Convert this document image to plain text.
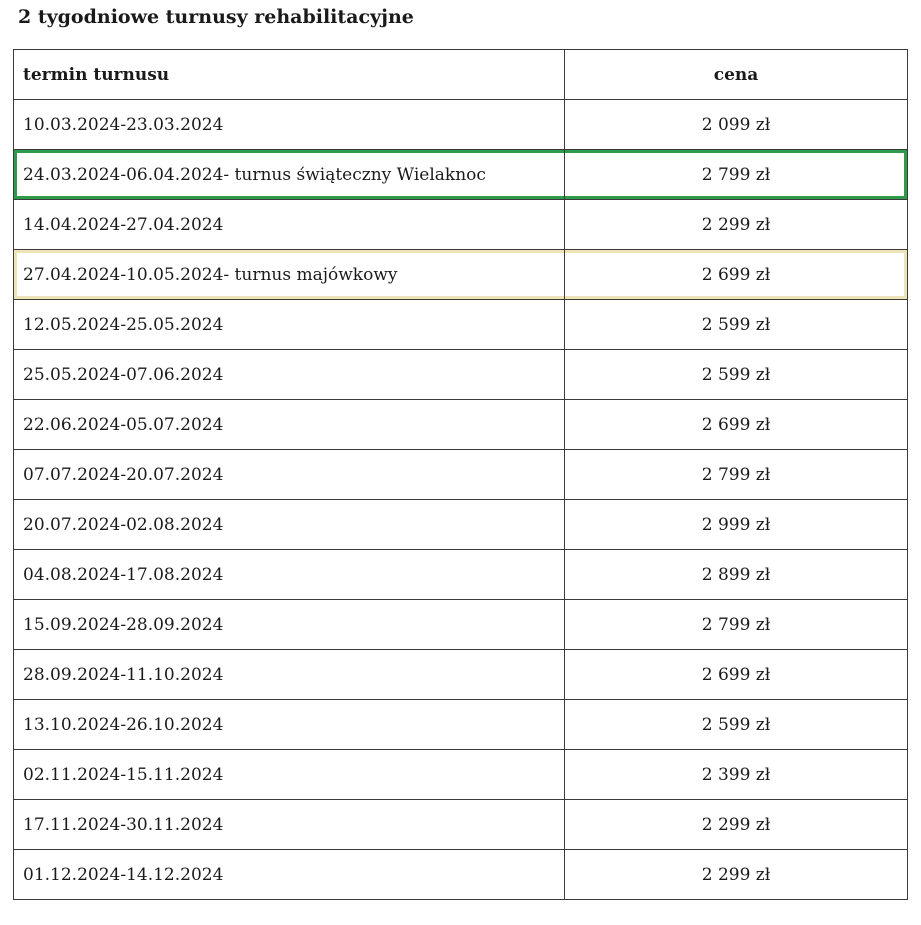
2 tygodniowe turnusy rehabilitacyjne
termin turnusu	cena
10.03.2024-23.03.2024	2 099 zł
24.03.2024-06.04.2024- turnus świąteczny Wielaknoc	2 799 zł
14.04.2024-27.04.2024	2 299 zł
27.04.2024-10.05.2024- turnus majówkowy	2 699 zł
12.05.2024-25.05.2024	2 599 zł
25.05.2024-07.06.2024	2 599 zł
22.06.2024-05.07.2024	2 699 zł
07.07.2024-20.07.2024	2 799 zł
20.07.2024-02.08.2024	2 999 zł
04.08.2024-17.08.2024	2 899 zł
15.09.2024-28.09.2024	2 799 zł
28.09.2024-11.10.2024	2 699 zł
13.10.2024-26.10.2024	2 599 zł
02.11.2024-15.11.2024	2 399 zł
17.11.2024-30.11.2024	2 299 zł
01.12.2024-14.12.2024	2 299 zł
